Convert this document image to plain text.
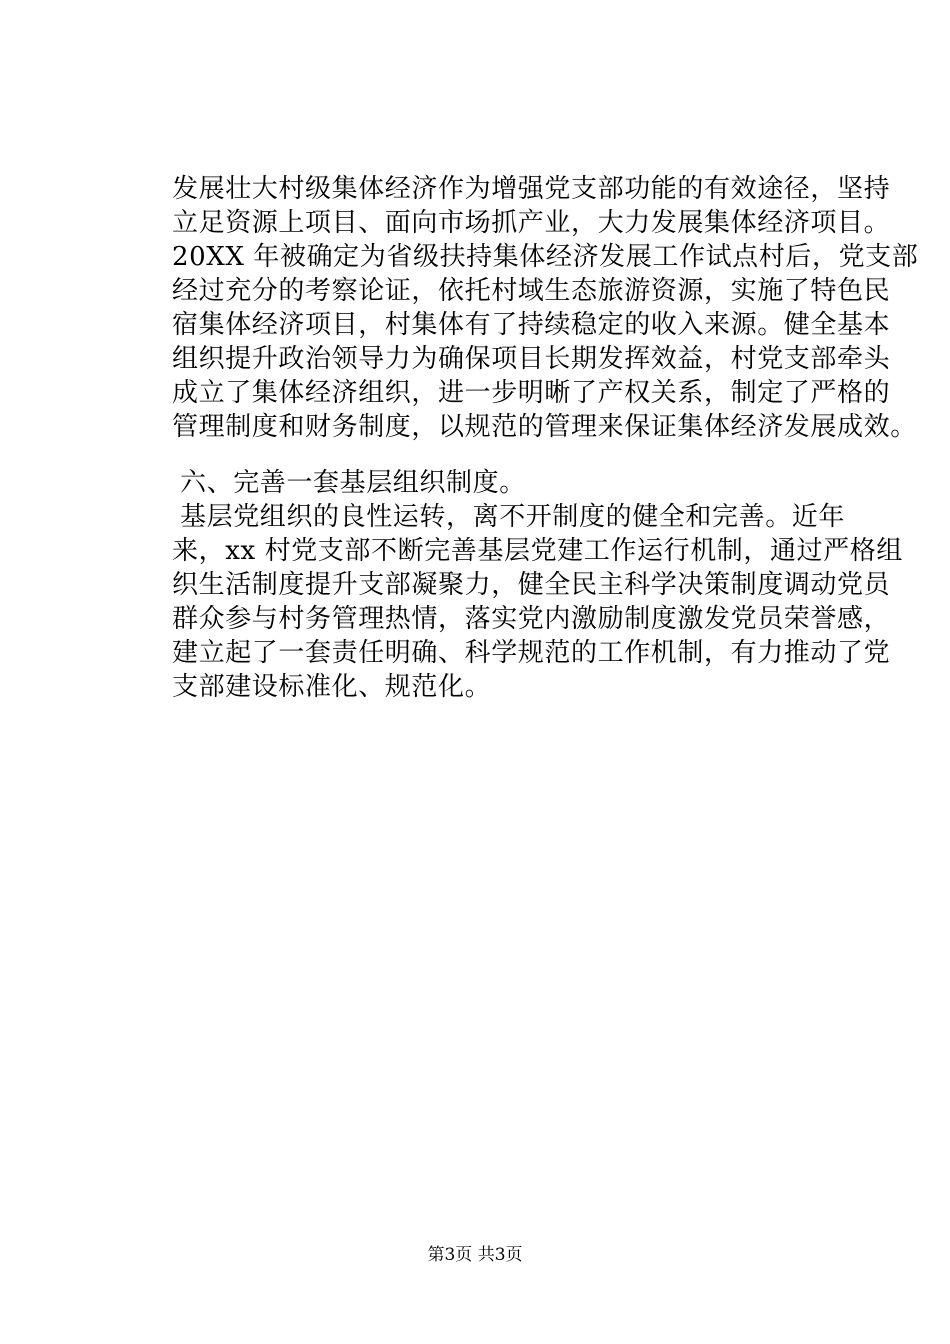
发展壮大村级集体经济作为增强党支部功能的有效途径，坚持
立足资源上项目、面向市场抓产业，大力发展集体经济项目。
20XX 年被确定为省级扶持集体经济发展工作试点村后，党支部
经过充分的考察论证，依托村域生态旅游资源，实施了特色民
宿集体经济项目，村集体有了持续稳定的收入来源。健全基本
组织提升政治领导力为确保项目长期发挥效益，村党支部牵头
成立了集体经济组织，进一步明晰了产权关系，制定了严格的
管理制度和财务制度，以规范的管理来保证集体经济发展成效。
六、完善一套基层组织制度。
基层党组织的良性运转，离不开制度的健全和完善。近年
来，xx 村党支部不断完善基层党建工作运行机制，通过严格组
织生活制度提升支部凝聚力，健全民主科学决策制度调动党员
群众参与村务管理热情，落实党内激励制度激发党员荣誉感，
建立起了一套责任明确、科学规范的工作机制，有力推动了党
支部建设标准化、规范化。
第3页 共3页
